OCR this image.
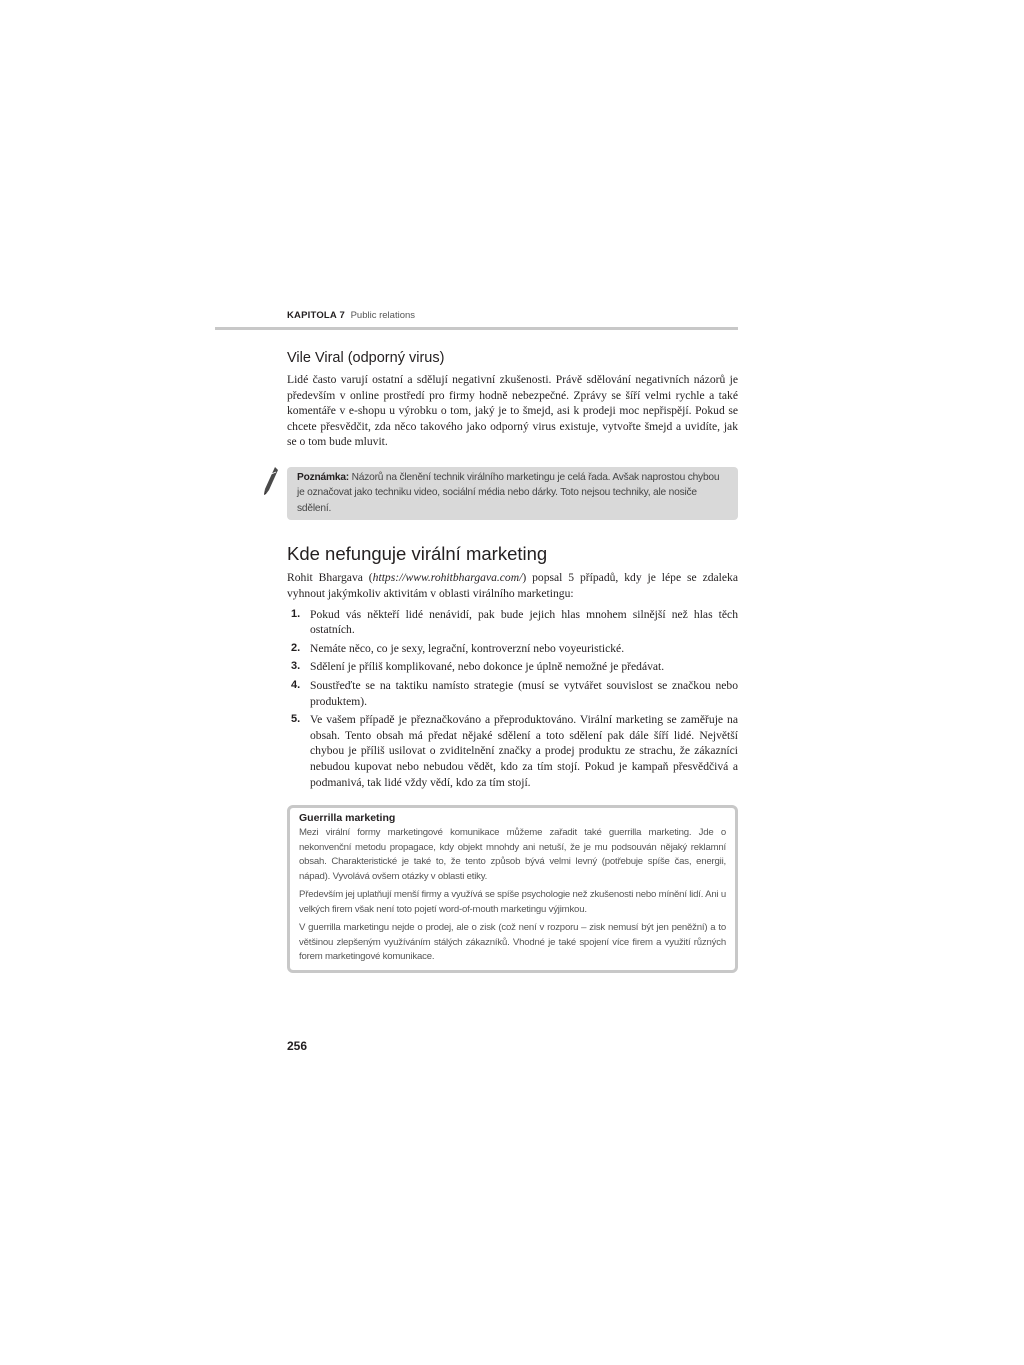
KAPITOLA 7 Public relations
Vile Viral (odporný virus)

Lidé často varují ostatní a sdělují negativní zkušenosti. Právě sdělování negativních názorů je především v online prostředí pro firmy hodně nebezpečné. Zprávy se šíří velmi rychle a také komentáře v e-shopu u výrobku o tom, jaký je to šmejd, asi k prodeji moc nepřispějí. Pokud se chcete přesvědčit, zda něco takového jako odporný virus existuje, vytvořte šmejd a uvidíte, jak se o tom bude mluvit.

Poznámka: Názorů na členění technik virálního marketingu je celá řada. Avšak naprostou chybou je označovat jako techniku video, sociální média nebo dárky. Toto nejsou techniky, ale nosiče sdělení.
Kde nefunguje virální marketing

Rohit Bhargava (https://www.rohitbhargava.com/) popsal 5 případů, kdy je lépe se zdaleka vyhnout jakýmkoliv aktivitám v oblasti virálního marketingu:

1. Pokud vás někteří lidé nenávidí, pak bude jejich hlas mnohem silnější než hlas těch ostatních.
2. Nemáte něco, co je sexy, legrační, kontroverzní nebo voyeuristické.
3. Sdělení je příliš komplikované, nebo dokonce je úplně nemožné je předávat.
4. Soustřeďte se na taktiku namísto strategie (musí se vytvářet souvislost se značkou nebo produktem).
5. Ve vašem případě je přeznačkováno a přeproduktováno. Virální marketing se zaměřuje na obsah. Tento obsah má předat nějaké sdělení a toto sdělení pak dále šíří lidé. Největší chybou je příliš usilovat o zviditelnění značky a prodej produktu ze strachu, že zákazníci nebudou kupovat nebo nebudou vědět, kdo za tím stojí. Pokud je kampaň přesvědčivá a podmanivá, tak lidé vždy vědí, kdo za tím stojí.
Guerrilla marketing

Mezi virální formy marketingové komunikace můžeme zařadit také guerrilla marketing. Jde o nekonvenční metodu propagace, kdy objekt mnohdy ani netuší, že je mu podsouván nějaký reklamní obsah. Charakteristické je také to, že tento způsob bývá velmi levný (potřebuje spíše čas, energii, nápad). Vyvolává ovšem otázky v oblasti etiky.

Především jej uplatňují menší firmy a využívá se spíše psychologie než zkušenosti nebo mínění lidí. Ani u velkých firem však není toto pojetí word-of-mouth marketingu výjimkou.

V guerrilla marketingu nejde o prodej, ale o zisk (což není v rozporu – zisk nemusí být jen peněžní) a to většinou zlepšeným využíváním stálých zákazníků. Vhodné je také spojení více firem a využití různých forem marketingové komunikace.

256
